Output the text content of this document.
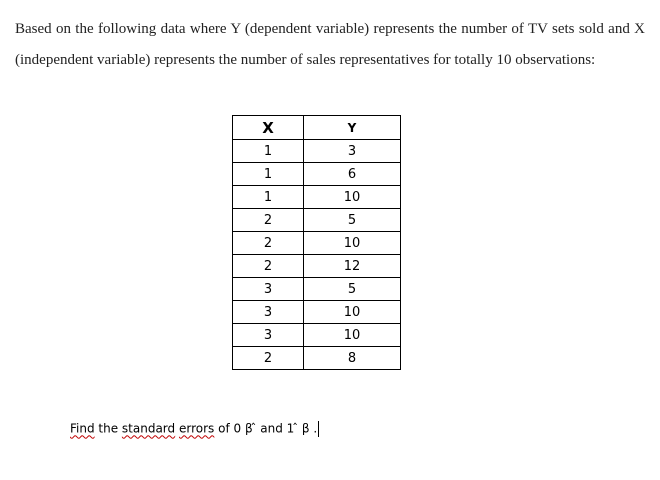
Based on the following data where Y (dependent variable) represents the number of TV sets sold and X (independent variable) represents the number of sales representatives for totally 10 observations:
X	Y
1	3
1	6
1	10
2	5
2	10
2	12
3	5
3	10
3	10
2	8
Find the standard errors of 0 β ̂ and 1 ̂ β .
